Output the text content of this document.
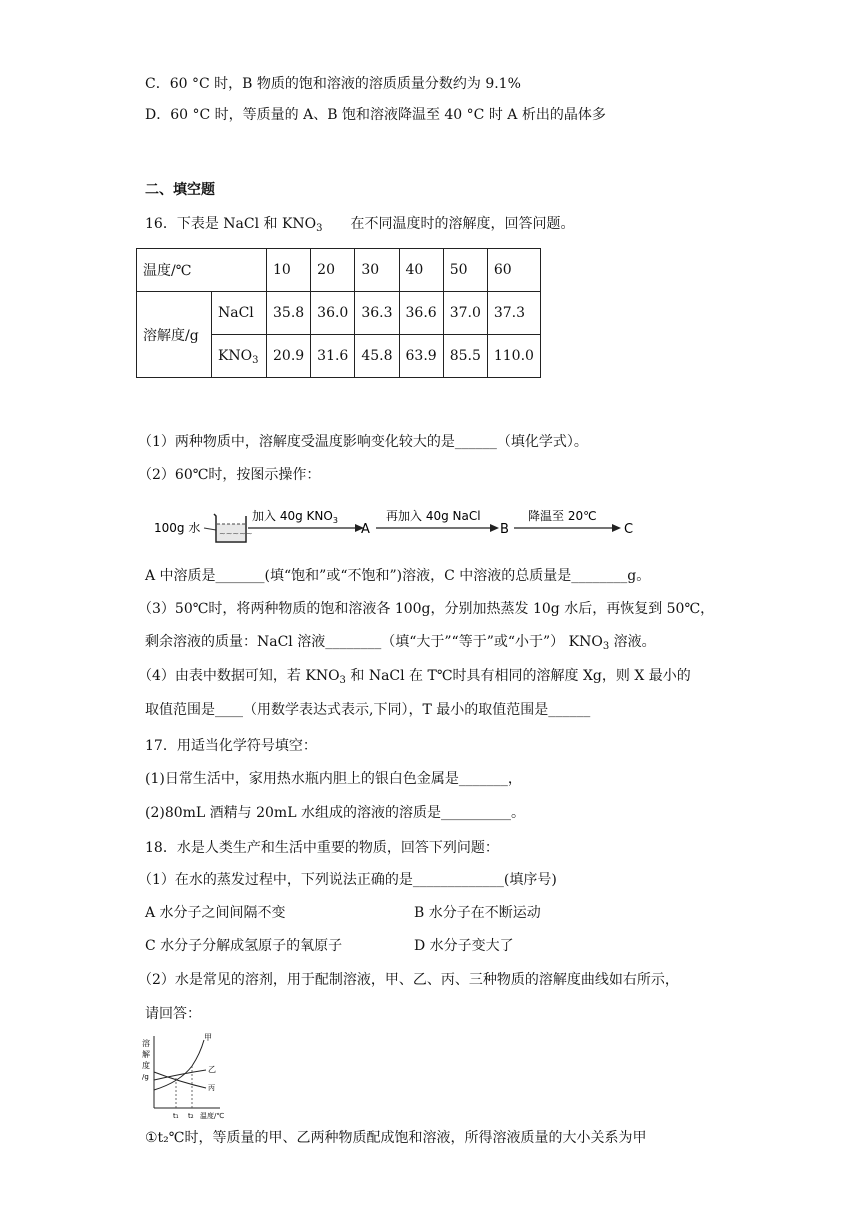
C．60 °C 时，B 物质的饱和溶液的溶质质量分数约为 9.1%
D．60 °C 时，等质量的 A、B 饱和溶液降温至 40 °C 时 A 析出的晶体多
二、填空题
16．下表是 NaCl 和 $KNO_3$　　在不同温度时的溶解度，回答问题。
温度/℃		10	20	30	40	50	60
溶解度/g	NaCl	35.8	36.0	36.3	36.6	37.0	37.3
	$KNO_3$	20.9	31.6	45.8	63.9	85.5	110.0
（1）两种物质中，溶解度受温度影响变化较大的是______（填化学式）。
（2）60℃时，按图示操作：
100g 水 ~~~~~
加入 40g $KNO_3$
A
再加入 40g NaCl
B
降温至 20℃
C
A 中溶质是_______(填“饱和”或“不饱和”)溶液，C 中溶液的总质量是________g。
（3）50℃时，将两种物质的饱和溶液各 100g，分别加热蒸发 10g 水后，再恢复到 50℃，
剩余溶液的质量：NaCl 溶液________（填“大于”“等于”或“小于”） $KNO_3$ 溶液。
（4）由表中数据可知，若 $KNO_3$ 和 NaCl 在 T℃时具有相同的溶解度 Xg，则 X 最小的
取值范围是____（用数学表达式表示,下同），T 最小的取值范围是______
17．用适当化学符号填空：
(1)日常生活中，家用热水瓶内胆上的银白色金属是_______，
(2)80mL 酒精与 20mL 水组成的溶液的溶质是__________。
18．水是人类生产和生活中重要的物质，回答下列问题：
（1）在水的蒸发过程中，下列说法正确的是_____________(填序号)
A 水分子之间间隔不变	B 水分子在不断运动
C 水分子分解成氢原子的氧原子	D 水分子变大了
（2）水是常见的溶剂，用于配制溶液，甲、乙、丙、三种物质的溶解度曲线如右所示，
请回答：
溶
解
度
/g
甲
乙
丙
t₁ t₂ 温度/℃
①t₂℃时，等质量的甲、乙两种物质配成饱和溶液，所得溶液质量的大小关系为甲
